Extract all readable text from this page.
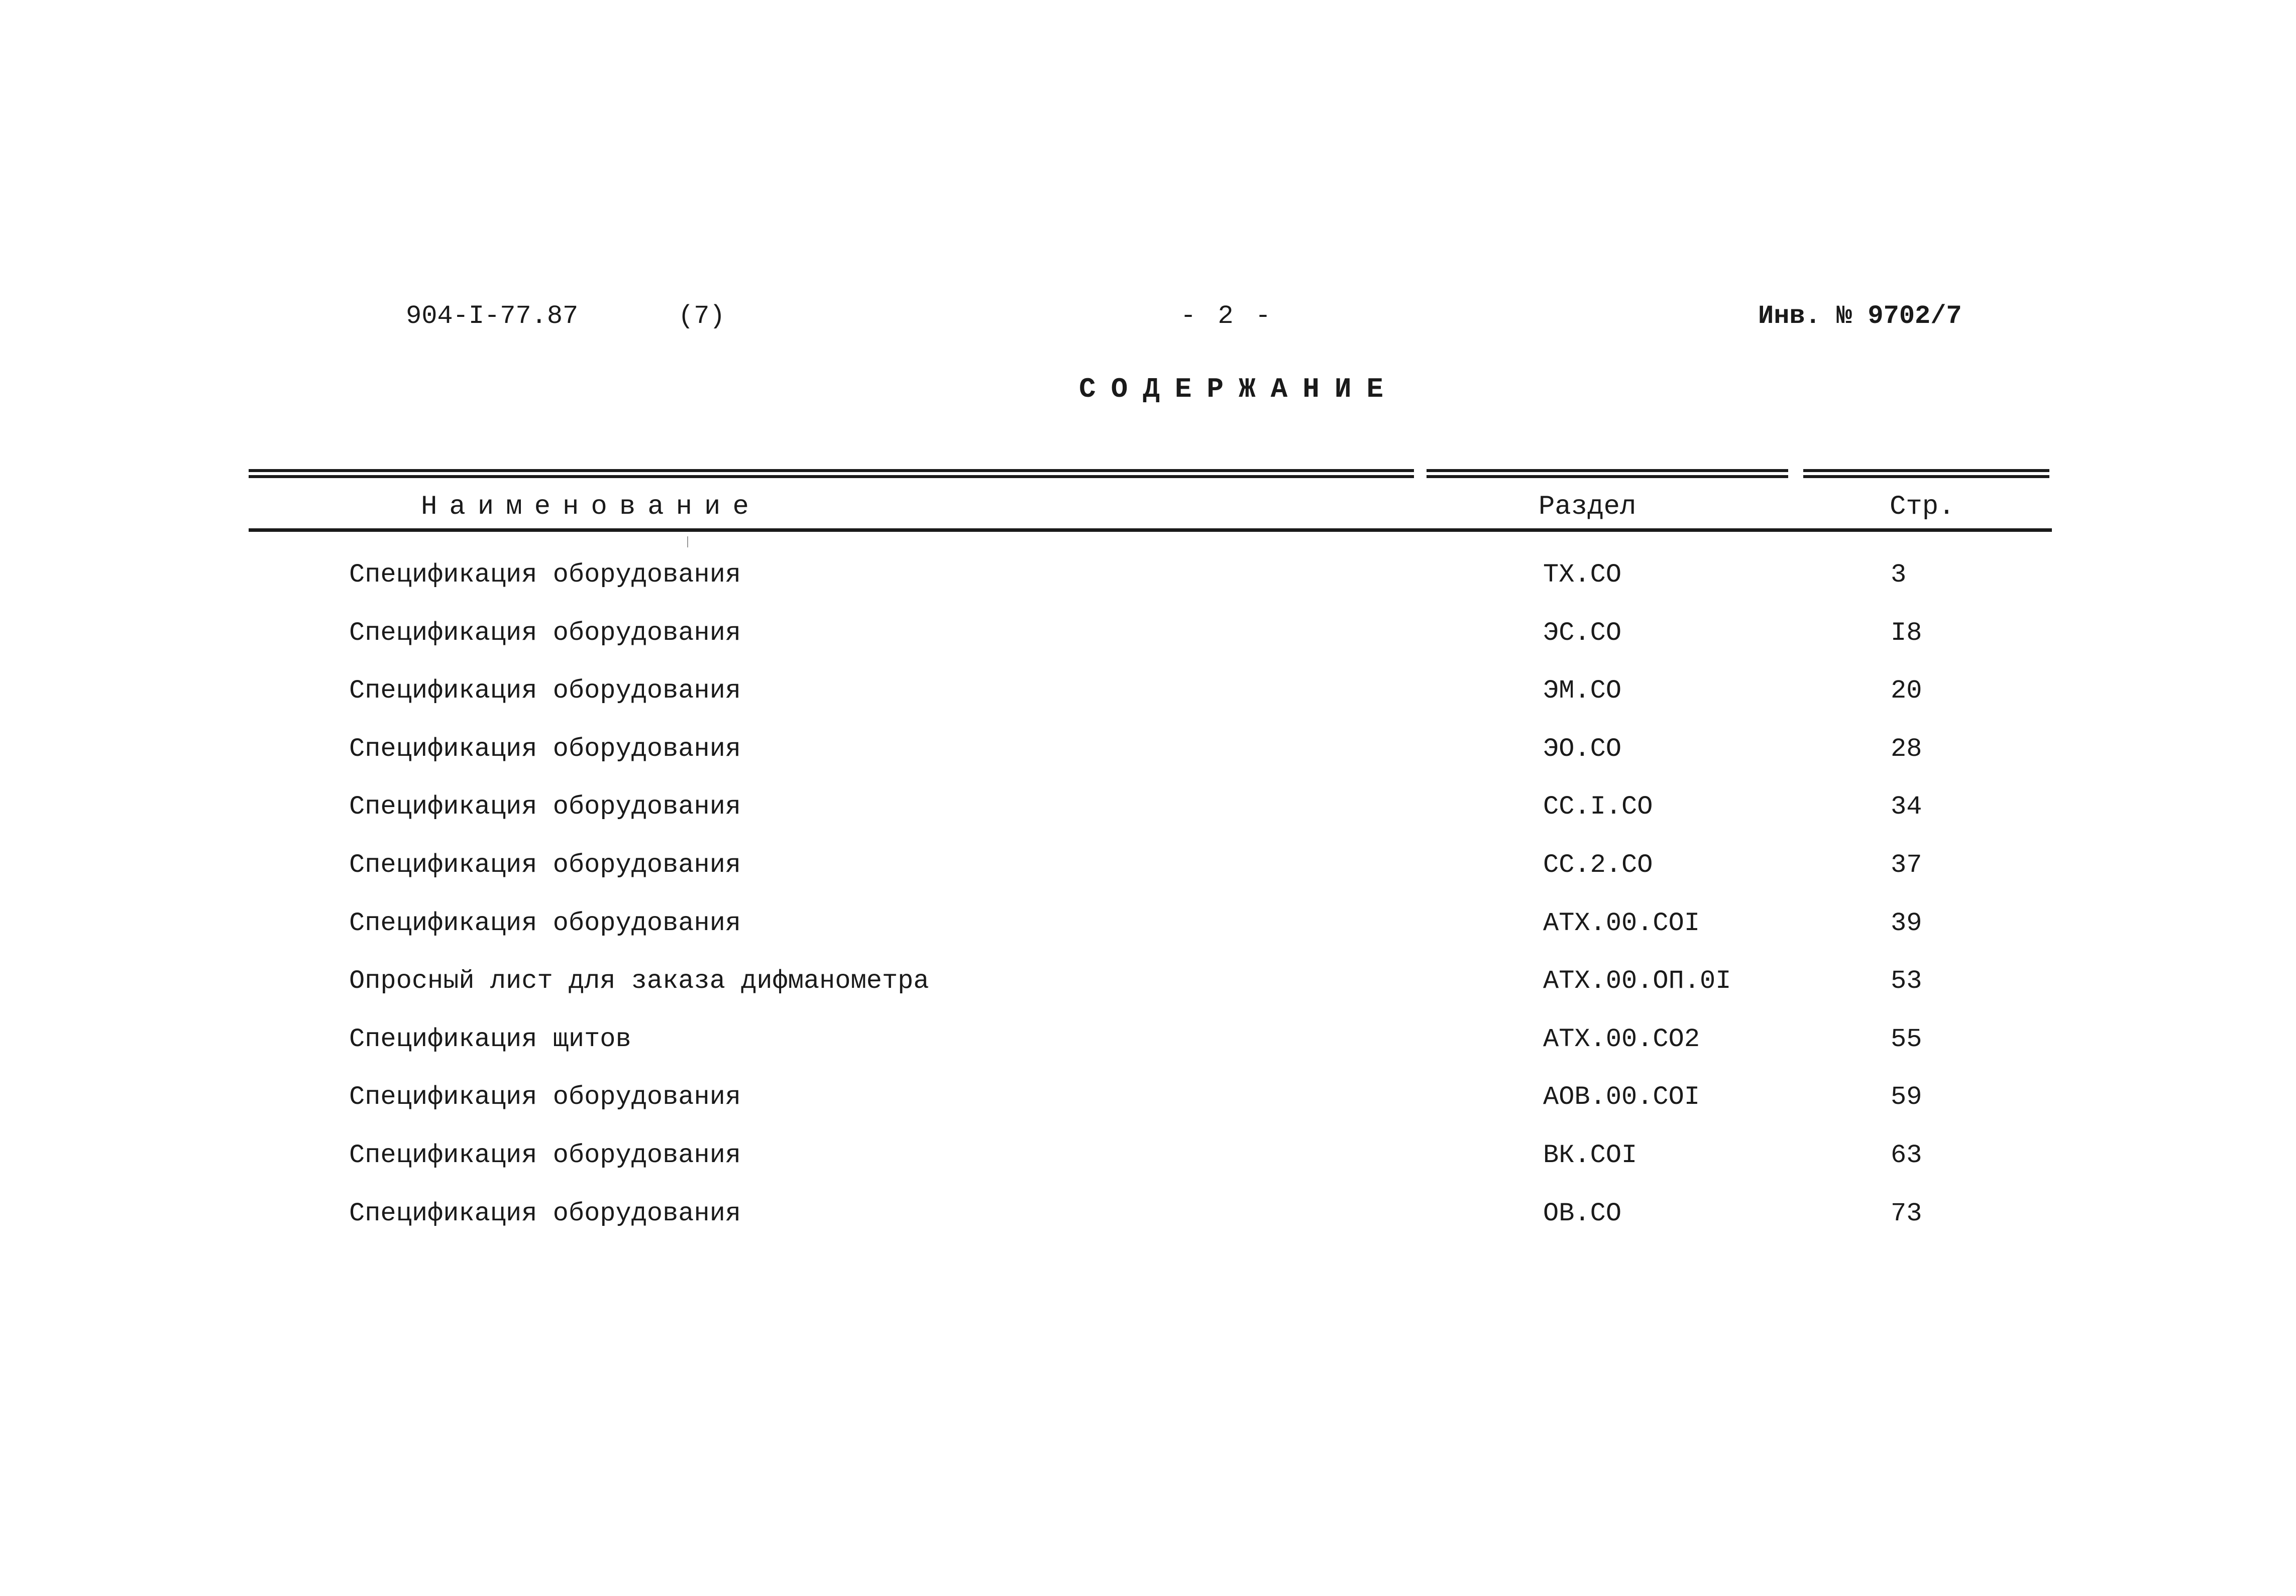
904-I-77.87	(7)	- 2 -	Инв. № 9702/7
СОДЕРЖАНИЕ
Наименование	Раздел	Стр.
Спецификация оборудования	ТХ.СО	3
Спецификация оборудования	ЭС.СО	I8
Спецификация оборудования	ЭМ.СО	20
Спецификация оборудования	ЭО.СО	28
Спецификация оборудования	СС.I.СО	34
Спецификация оборудования	СС.2.СО	37
Спецификация оборудования	АТХ.00.СОI	39
Опросный лист для заказа дифманометра	АТХ.00.ОП.0I	53
Спецификация щитов	АТХ.00.СО2	55
Спецификация оборудования	АОВ.00.СОI	59
Спецификация оборудования	ВК.СОI	63
Спецификация оборудования	ОВ.СО	73
